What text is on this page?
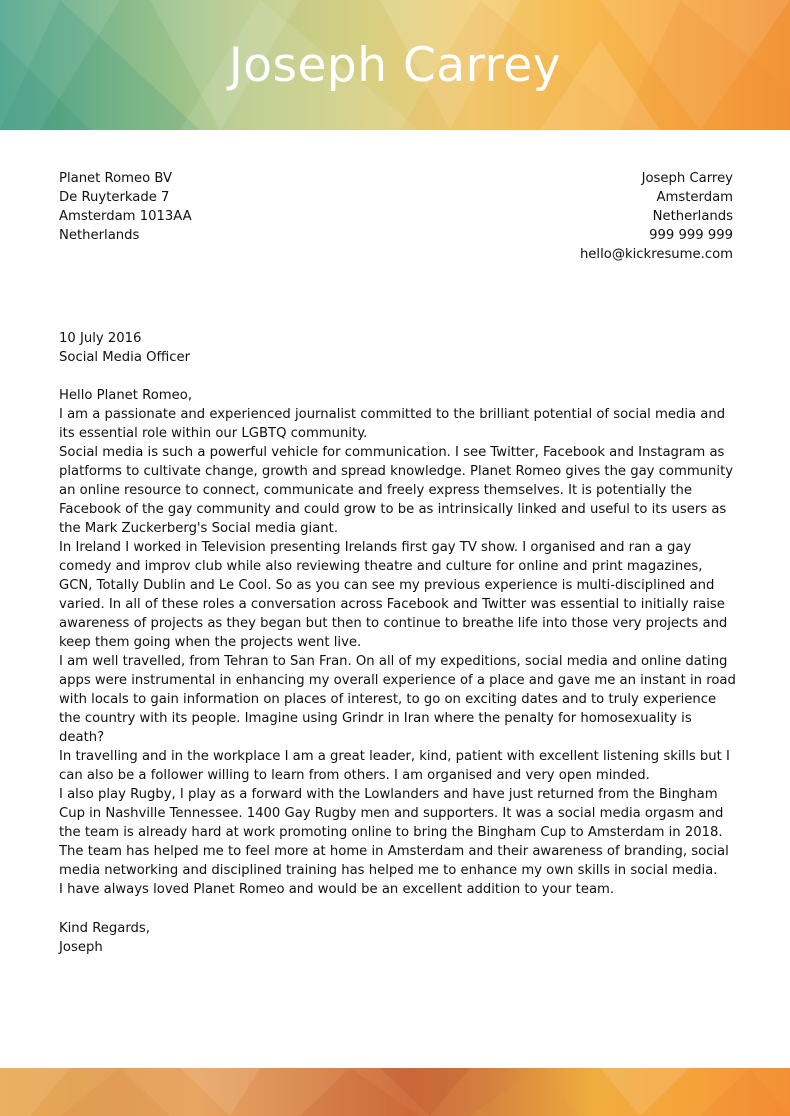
Joseph Carrey
Planet Romeo BV
De Ruyterkade 7
Amsterdam 1013AA
Netherlands
Joseph Carrey
Amsterdam
Netherlands
999 999 999
hello@kickresume.com
10 July 2016
Social Media Officer

Hello Planet Romeo,

I am a passionate and experienced journalist committed to the brilliant potential of social media and its essential role within our LGBTQ community.

Social media is such a powerful vehicle for communication. I see Twitter, Facebook and Instagram as platforms to cultivate change, growth and spread knowledge. Planet Romeo gives the gay community an online resource to connect, communicate and freely express themselves. It is potentially the Facebook of the gay community and could grow to be as intrinsically linked and useful to its users as the Mark Zuckerberg's Social media giant.

In Ireland I worked in Television presenting Irelands first gay TV show. I organised and ran a gay comedy and improv club while also reviewing theatre and culture for online and print magazines, GCN, Totally Dublin and Le Cool. So as you can see my previous experience is multi-disciplined and varied. In all of these roles a conversation across Facebook and Twitter was essential to initially raise awareness of projects as they began but then to continue to breathe life into those very projects and keep them going when the projects went live.

I am well travelled, from Tehran to San Fran. On all of my expeditions, social media and online dating apps were instrumental in enhancing my overall experience of a place and gave me an instant in road with locals to gain information on places of interest, to go on exciting dates and to truly experience the country with its people. Imagine using Grindr in Iran where the penalty for homosexuality is death?

In travelling and in the workplace I am a great leader, kind, patient with excellent listening skills but I can also be a follower willing to learn from others. I am organised and very open minded.

I also play Rugby, I play as a forward with the Lowlanders and have just returned from the Bingham Cup in Nashville Tennessee. 1400 Gay Rugby men and supporters. It was a social media orgasm and the team is already hard at work promoting online to bring the Bingham Cup to Amsterdam in 2018. The team has helped me to feel more at home in Amsterdam and their awareness of branding, social media networking and disciplined training has helped me to enhance my own skills in social media.

I have always loved Planet Romeo and would be an excellent addition to your team.

Kind Regards,
Joseph
